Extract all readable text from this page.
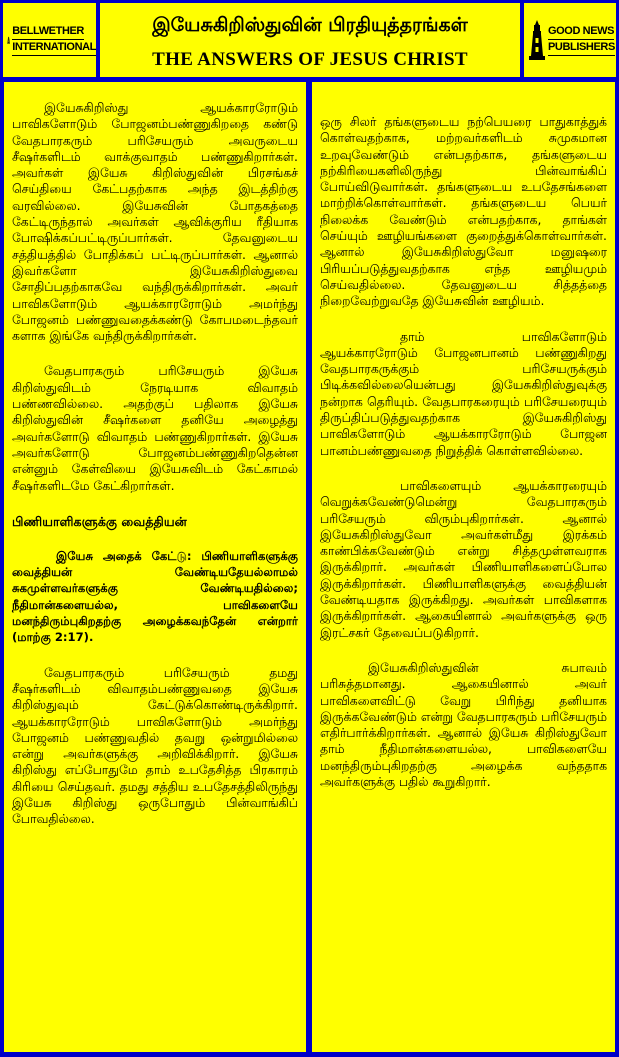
BELLWETHER
INTERNATIONAL
இயேசுகிறிஸ்துவின் பிரதியுத்தரங்கள்
THE ANSWERS OF JESUS CHRIST
GOOD NEWS
PUBLISHERS

இயேசுகிறிஸ்து ஆயக்காரரோடும் பாவிகளோடும் போஜனம்பண்ணுகிறதை கண்டு வேதபாரகரும் பரிசேயரும் அவருடைய சீஷர்களிடம் வாக்குவாதம் பண்ணுகிறார்கள். அவர்கள் இயேசு கிறிஸ்துவின் பிரசங்கச் செய்தியை கேட்பதற்காக அந்த இடத்திற்கு வரவில்லை. இயேசுவின் போதகத்தை கேட்டிருந்தால் அவர்கள் ஆவிக்குரிய ரீதியாக போஷிக்கப்பட்டிருப்பார்கள். தேவனுடைய சத்தியத்தில் போதிக்கப் பட்டிருப்பார்கள். ஆனால் இவர்களோ இயேசுகிறிஸ்துவை சோதிப்பதற்காகவே வந்திருக்கிறார்கள். அவர் பாவிகளோடும் ஆயக்காரரோடும் அமர்ந்து போஜனம் பண்ணுவதைக்கண்டு கோபமடைந்தவர் களாக இங்கே வந்திருக்கிறார்கள்.

வேதபாரகரும் பரிசேயரும் இயேசு கிறிஸ்துவிடம் நேரடியாக விவாதம் பண்ணவில்லை. அதற்குப் பதிலாக இயேசு கிறிஸ்துவின் சீஷர்களை தனியே அழைத்து அவர்களோடு விவாதம் பண்ணுகிறார்கள். இயேசு அவர்களோடு போஜனம்பண்ணுகிறதென்ன என்னும் கேள்வியை இயேசுவிடம் கேட்காமல் சீஷர்களிடமே கேட்கிறார்கள்.

பிணியாளிகளுக்கு வைத்தியன்
இயேசு அதைக் கேட்டு: பிணியாளிகளுக்கு வைத்தியன் வேண்டியதேயல்லாமல் சுகமுள்ளவர்களுக்கு வேண்டியதில்லை; நீதிமான்களையல்ல, பாவிகளையே மனந்திரும்புகிறதற்கு அழைக்கவந்தேன் என்றார் (மாற்கு 2:17).

வேதபாரகரும் பரிசேயரும் தமது சீஷர்களிடம் விவாதம்பண்ணுவதை இயேசு கிறிஸ்துவும் கேட்டுக்கொண்டிருக்கிறார். ஆயக்காரரோடும் பாவிகளோடும் அமர்ந்து போஜனம் பண்ணுவதில் தவறு ஒன்றுமில்லை என்று அவர்களுக்கு அறிவிக்கிறார். இயேசு கிறிஸ்து எப்போதுமே தாம் உபதேசித்த பிரகாரம் கிரியை செய்தவர். தமது சத்திய உபதேசத்திலிருந்து இயேசு கிறிஸ்து ஒருபோதும் பின்வாங்கிப் போவதில்லை.

ஒரு சிலர் தங்களுடைய நற்பெயரை பாதுகாத்துக் கொள்வதற்காக, மற்றவர்களிடம் சுமுகமான உறவுவேண்டும் என்பதற்காக, தங்களுடைய நற்கிரியைகளிலிருந்து பின்வாங்கிப் போய்விடுவார்கள். தங்களுடைய உபதேசங்களை மாற்றிக்கொள்வார்கள். தங்களுடைய பெயர் நிலைக்க வேண்டும் என்பதற்காக, தாங்கள் செய்யும் ஊழியங்களை குறைத்துக்கொள்வார்கள். ஆனால் இயேசுகிறிஸ்துவோ மனுஷரை பிரியப்படுத்துவதற்காக எந்த ஊழியமும் செய்வதில்லை. தேவனுடைய சித்தத்தை நிறைவேற்றுவதே இயேசுவின் ஊழியம்.

தாம் பாவிகளோடும் ஆயக்காரரோடும் போஜனபானம் பண்ணுகிறது வேதபாரகருக்கும் பரிசேயருக்கும் பிடிக்கவில்லையென்பது இயேசுகிறிஸ்துவுக்கு நன்றாக தெரியும். வேதபாரகரையும் பரிசேயரையும் திருப்திப்படுத்துவதற்காக இயேசுகிறிஸ்து பாவிகளோடும் ஆயக்காரரோடும் போஜன பானம்பண்ணுவதை நிறுத்திக் கொள்ளவில்லை.

பாவிகளையும் ஆயக்காரரையும் வெறுக்கவேண்டுமென்று வேதபாரகரும் பரிசேயரும் விரும்புகிறார்கள். ஆனால் இயேசுகிறிஸ்துவோ அவர்கள்மீது இரக்கம் காண்பிக்கவேண்டும் என்று சித்தமுள்ளவராக இருக்கிறார். அவர்கள் பிணியாளிகளைப்போல இருக்கிறார்கள். பிணியாளிகளுக்கு வைத்தியன் வேண்டியதாக இருக்கிறது. அவர்கள் பாவிகளாக இருக்கிறார்கள். ஆகையினால் அவர்களுக்கு ஒரு இரட்சகர் தேவைப்படுகிறார்.

இயேசுகிறிஸ்துவின் சுபாவம் பரிசுத்தமானது. ஆகையினால் அவர் பாவிகளைவிட்டு வேறு பிரிந்து தனியாக இருக்கவேண்டும் என்று வேதபாரகரும் பரிசேயரும் எதிர்பார்க்கிறார்கள். ஆனால் இயேசு கிறிஸ்துவோ தாம் நீதிமான்களையல்ல, பாவிகளையே மனந்திரும்புகிறதற்கு அழைக்க வந்ததாக அவர்களுக்கு பதில் கூறுகிறார்.
